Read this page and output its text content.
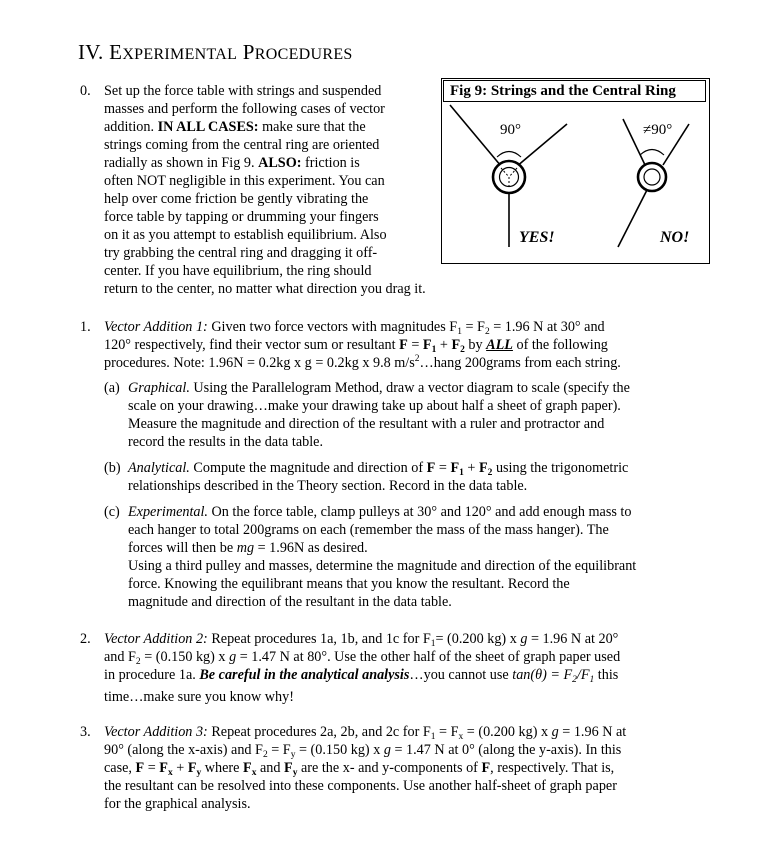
IV. EXPERIMENTAL PROCEDURES
0. Set up the force table with strings and suspended
masses and perform the following cases of vector
addition. IN ALL CASES: make sure that the
strings coming from the central ring are oriented
radially as shown in Fig 9. ALSO: friction is
often NOT negligible in this experiment. You can
help over come friction be gently vibrating the
force table by tapping or drumming your fingers
on it as you attempt to establish equilibrium. Also
try grabbing the central ring and dragging it off-
center. If you have equilibrium, the ring should
return to the center, no matter what direction you drag it.
Fig 9: Strings and the Central Ring
90°	≠90°
YES!	NO!
1. Vector Addition 1: Given two force vectors with magnitudes $F_1 = F_2 = 1.96$ N at 30° and
120° respectively, find their vector sum or resultant $F = F_1 + F_2$ by ALL of the following
procedures. Note: 1.96N = 0.2kg x g = 0.2kg x 9.8 $m/s^2\dots hang$ 200grams from each string.
(a) Graphical. Using the Parallelogram Method, draw a vector diagram to scale (specify the
scale on your drawing…make your drawing take up about half a sheet of graph paper).
Measure the magnitude and direction of the resultant with a ruler and protractor and
record the results in the data table.
(b) Analytical. Compute the magnitude and direction of $F = F_1 + F_2$ using the trigonometric
relationships described in the Theory section. Record in the data table.
(c) Experimental. On the force table, clamp pulleys at 30° and 120° and add enough mass to
each hanger to total 200grams on each (remember the mass of the mass hanger). The
forces will then be mg = 1.96N as desired.
Using a third pulley and masses, determine the magnitude and direction of the equilibrant
force. Knowing the equilibrant means that you know the resultant. Record the
magnitude and direction of the resultant in the data table.
2. Vector Addition 2: Repeat procedures 1a, 1b, and 1c for $F_1= (0.200$ kg) x g = 1.96 N at 20°
and $F_2 = (0.150$ kg) x g = 1.47 N at 80°. Use the other half of the sheet of graph paper used
in procedure 1a. Be careful in the analytical analysis…you cannot use $\tan(\theta) = F_2/F_1$ this
time…make sure you know why!
3. Vector Addition 3: Repeat procedures 2a, 2b, and 2c for $F_1 = F_x = (0.200$ kg) x g = 1.96 N at
90° (along the x-axis) and $F_2 = F_y = (0.150$ kg) x g = 1.47 N at 0° (along the y-axis). In this
case, $F = F_x + F_y$ where $F_x$ and $F_y$ are the x- and y-components of F, respectively. That is,
the resultant can be resolved into these components. Use another half-sheet of graph paper
for the graphical analysis.
